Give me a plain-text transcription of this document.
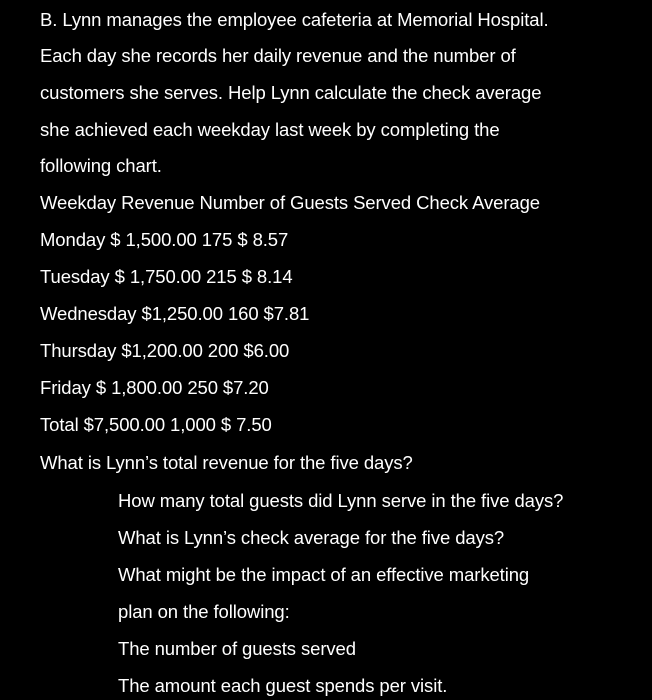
B. Lynn manages the employee cafeteria at Memorial Hospital.
Each day she records her daily revenue and the number of
customers she serves. Help Lynn calculate the check average
she achieved each weekday last week by completing the
following chart.
Weekday Revenue Number of Guests Served Check Average
Monday $ 1,500.00 175 $ 8.57
Tuesday $ 1,750.00 215 $ 8.14
Wednesday $1,250.00 160 $7.81
Thursday $1,200.00 200 $6.00
Friday $ 1,800.00 250 $7.20
Total $7,500.00 1,000 $ 7.50
What is Lynn’s total revenue for the five days?
How many total guests did Lynn serve in the five days?
What is Lynn’s check average for the five days?
What might be the impact of an effective marketing
plan on the following:
The number of guests served
The amount each guest spends per visit.
